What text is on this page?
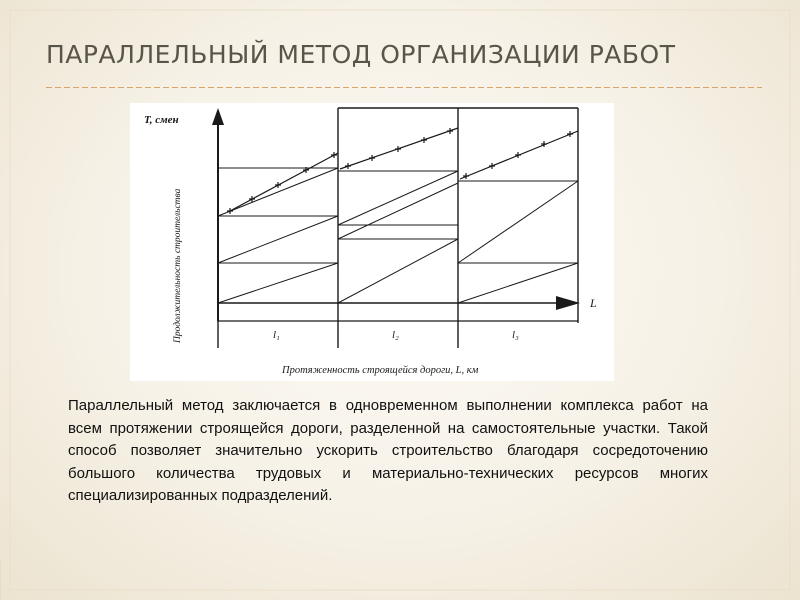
ПАРАЛЛЕЛЬНЫЙ МЕТОД ОРГАНИЗАЦИИ РАБОТ
T, смен
Продолжительность строительства	L
l₁	l₂	l₃
Протяженность строящейся дороги, L, км

Параллельный метод заключается в одновременном выполнении комплекса работ на всем протяжении строящейся дороги, разделенной на самостоятельные участки. Такой способ позволяет значительно ускорить строительство благодаря сосредоточению большого количества трудовых и материально-технических ресурсов многих специализированных подразделений.
